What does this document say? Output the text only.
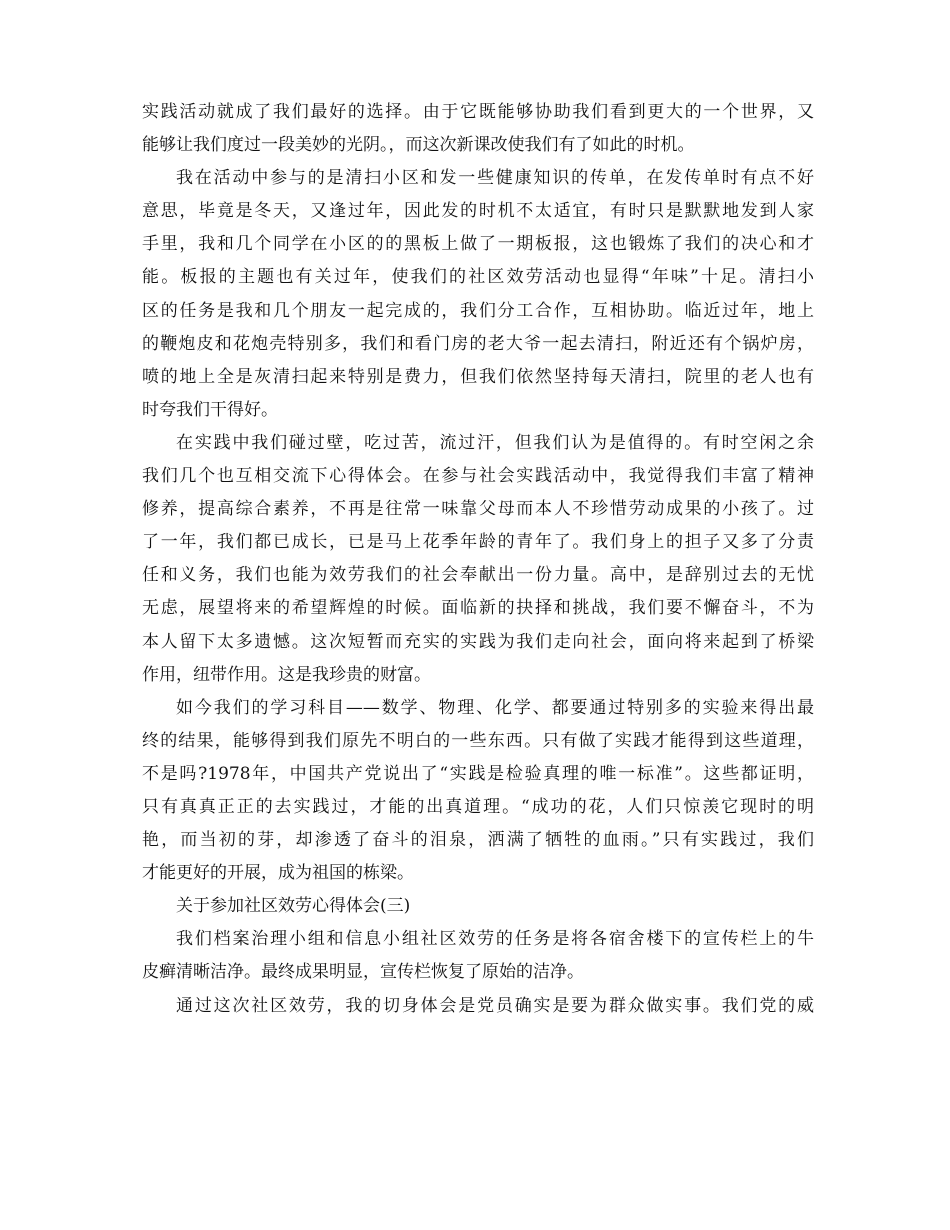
实践活动就成了我们最好的选择。由于它既能够协助我们看到更大的一个世界，又
能够让我们度过一段美妙的光阴。，而这次新课改使我们有了如此的时机。
我在活动中参与的是清扫小区和发一些健康知识的传单，在发传单时有点不好
意思，毕竟是冬天，又逢过年，因此发的时机不太适宜，有时只是默默地发到人家
手里，我和几个同学在小区的的黑板上做了一期板报，这也锻炼了我们的决心和才
能。板报的主题也有关过年，使我们的社区效劳活动也显得“年味”十足。清扫小
区的任务是我和几个朋友一起完成的，我们分工合作，互相协助。临近过年，地上
的鞭炮皮和花炮壳特别多，我们和看门房的老大爷一起去清扫，附近还有个锅炉房，
喷的地上全是灰清扫起来特别是费力，但我们依然坚持每天清扫，院里的老人也有
时夸我们干得好。
在实践中我们碰过壁，吃过苦，流过汗，但我们认为是值得的。有时空闲之余
我们几个也互相交流下心得体会。在参与社会实践活动中，我觉得我们丰富了精神
修养，提高综合素养，不再是往常一味靠父母而本人不珍惜劳动成果的小孩了。过
了一年，我们都已成长，已是马上花季年龄的青年了。我们身上的担子又多了分责
任和义务，我们也能为效劳我们的社会奉献出一份力量。高中，是辞别过去的无忧
无虑，展望将来的希望辉煌的时候。面临新的抉择和挑战，我们要不懈奋斗，不为
本人留下太多遗憾。这次短暂而充实的实践为我们走向社会，面向将来起到了桥梁
作用，纽带作用。这是我珍贵的财富。
如今我们的学习科目——数学、物理、化学、都要通过特别多的实验来得出最
终的结果，能够得到我们原先不明白的一些东西。只有做了实践才能得到这些道理，
不是吗?1978年，中国共产党说出了“实践是检验真理的唯一标准”。这些都证明，
只有真真正正的去实践过，才能的出真道理。“成功的花，人们只惊羡它现时的明
艳，而当初的芽，却渗透了奋斗的泪泉，洒满了牺牲的血雨。”只有实践过，我们
才能更好的开展，成为祖国的栋梁。
关于参加社区效劳心得体会(三)
我们档案治理小组和信息小组社区效劳的任务是将各宿舍楼下的宣传栏上的牛
皮癣清晰洁净。最终成果明显，宣传栏恢复了原始的洁净。
通过这次社区效劳，我的切身体会是党员确实是要为群众做实事。我们党的威
